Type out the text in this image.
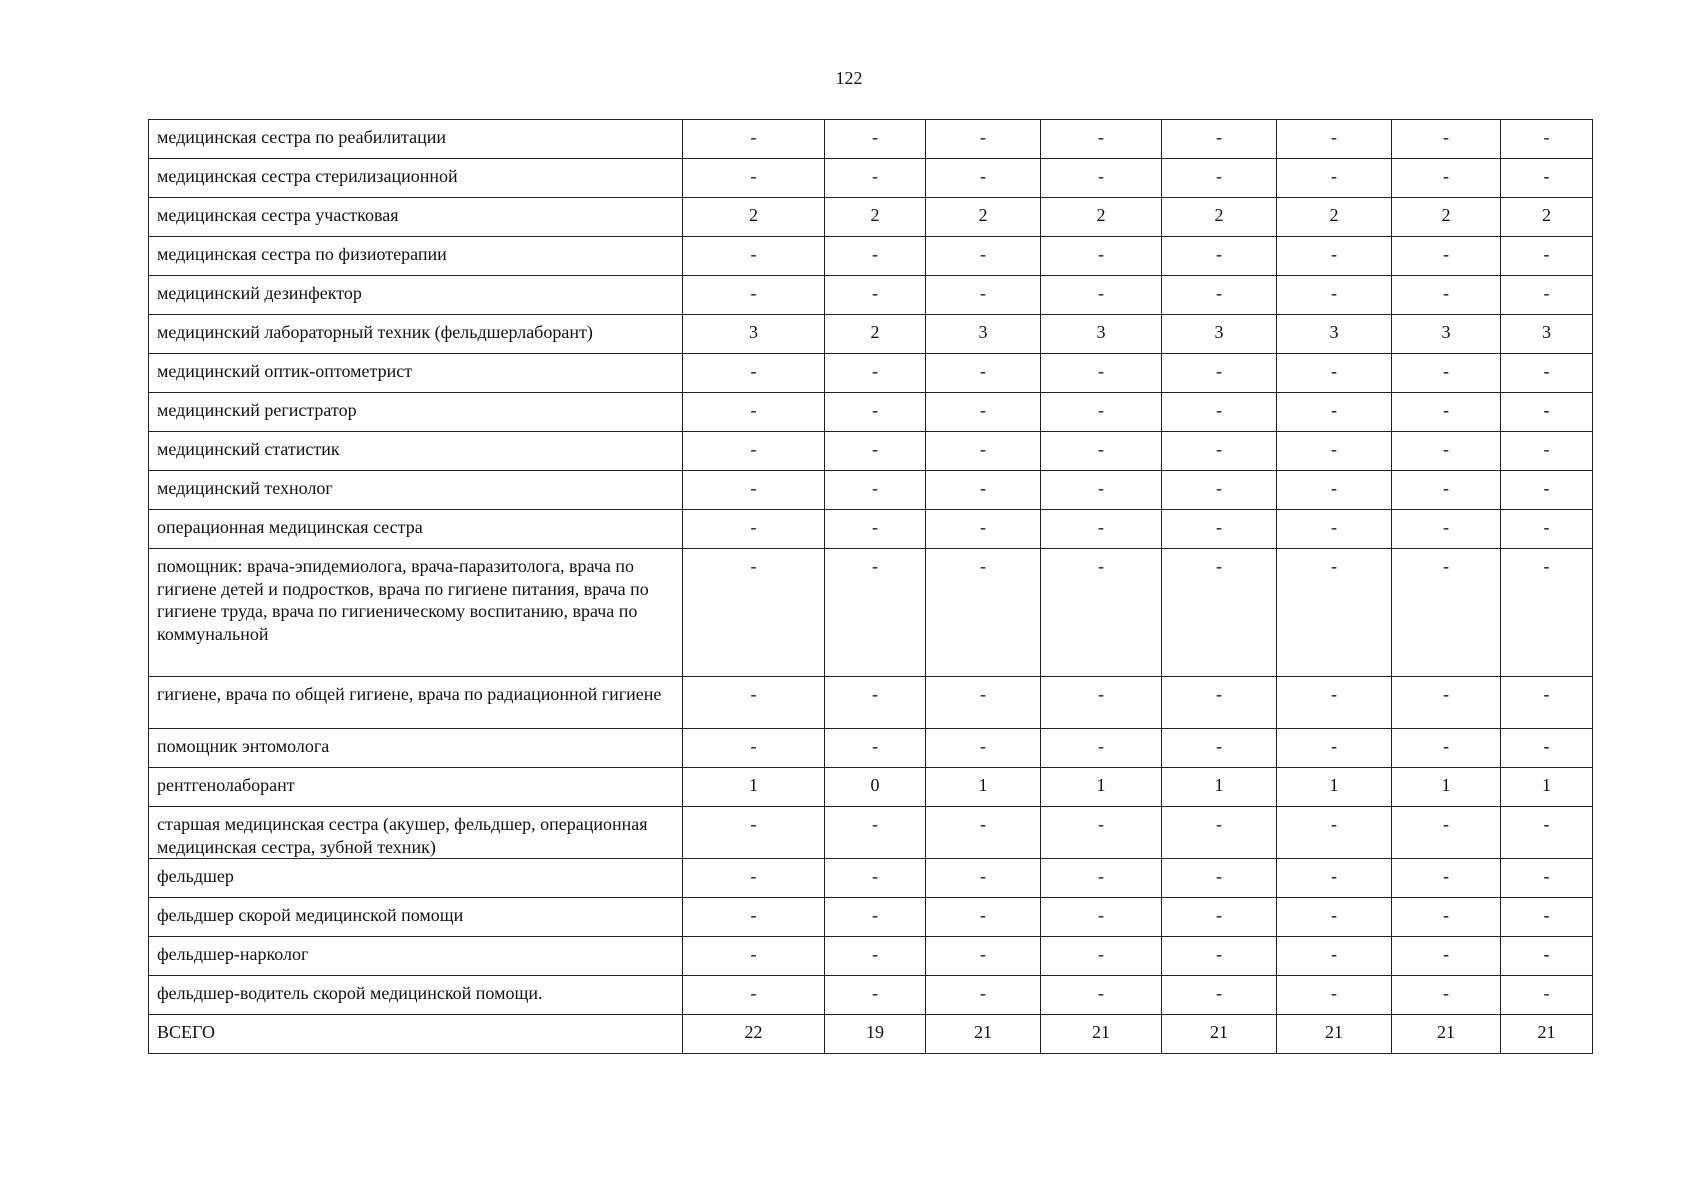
122
медицинская сестра по реабилитации	-	-	-	-	-	-	-	-
медицинская сестра стерилизационной	-	-	-	-	-	-	-	-
медицинская сестра участковая	2	2	2	2	2	2	2	2
медицинская сестра по физиотерапии	-	-	-	-	-	-	-	-
медицинский дезинфектор	-	-	-	-	-	-	-	-
медицинский лабораторный техник (фельдшерлаборант)	3	2	3	3	3	3	3	3
медицинский оптик-оптометрист	-	-	-	-	-	-	-	-
медицинский регистратор	-	-	-	-	-	-	-	-
медицинский статистик	-	-	-	-	-	-	-	-
медицинский технолог	-	-	-	-	-	-	-	-
операционная медицинская сестра	-	-	-	-	-	-	-	-
помощник: врача-эпидемиолога, врача-паразитолога, врача по гигиене детей и подростков, врача по гигиене питания, врача по гигиене труда, врача по гигиеническому воспитанию, врача по коммунальной	-	-	-	-	-	-	-	-
гигиене, врача по общей гигиене, врача по радиационной гигиене	-	-	-	-	-	-	-	-
помощник энтомолога	-	-	-	-	-	-	-	-
рентгенолаборант	1	0	1	1	1	1	1	1
старшая медицинская сестра (акушер, фельдшер, операционная медицинская сестра, зубной техник)	-	-	-	-	-	-	-	-
фельдшер	-	-	-	-	-	-	-	-
фельдшер скорой медицинской помощи	-	-	-	-	-	-	-	-
фельдшер-нарколог	-	-	-	-	-	-	-	-
фельдшер-водитель скорой медицинской помощи.	-	-	-	-	-	-	-	-
ВСЕГО	22	19	21	21	21	21	21	21
